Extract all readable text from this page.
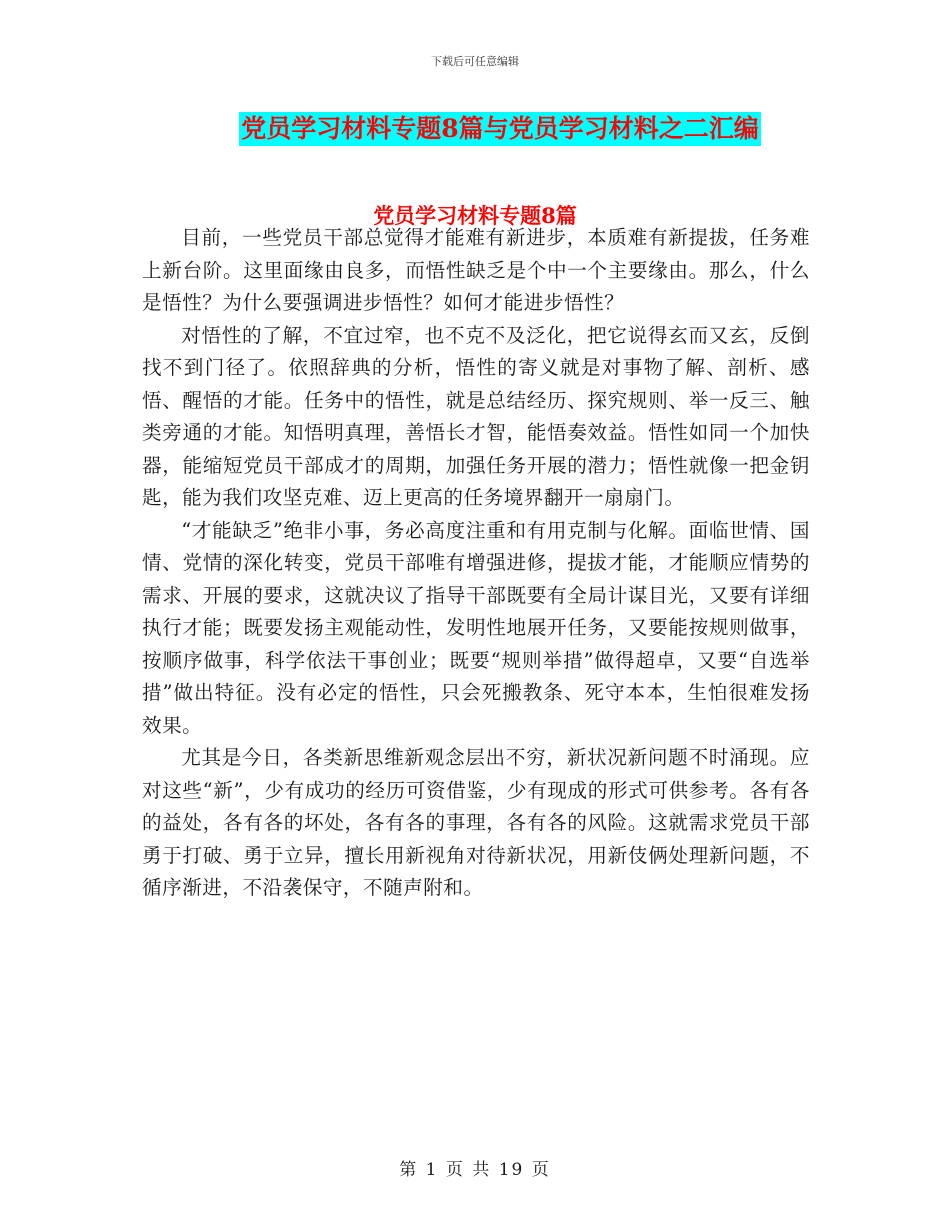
下载后可任意编辑
党员学习材料专题8篇与党员学习材料之二汇编
党员学习材料专题8篇

目前，一些党员干部总觉得才能难有新进步，本质难有新提拔，任务难上新台阶。这里面缘由良多，而悟性缺乏是个中一个主要缘由。那么，什么是悟性？为什么要强调进步悟性？如何才能进步悟性？

对悟性的了解，不宜过窄，也不克不及泛化，把它说得玄而又玄，反倒找不到门径了。依照辞典的分析，悟性的寄义就是对事物了解、剖析、感悟、醒悟的才能。任务中的悟性，就是总结经历、探究规则、举一反三、触类旁通的才能。知悟明真理，善悟长才智，能悟奏效益。悟性如同一个加快器，能缩短党员干部成才的周期，加强任务开展的潜力；悟性就像一把金钥匙，能为我们攻坚克难、迈上更高的任务境界翻开一扇扇门。

“才能缺乏”绝非小事，务必高度注重和有用克制与化解。面临世情、国情、党情的深化转变，党员干部唯有增强进修，提拔才能，才能顺应情势的需求、开展的要求，这就决议了指导干部既要有全局计谋目光，又要有详细执行才能；既要发扬主观能动性，发明性地展开任务，又要能按规则做事，按顺序做事，科学依法干事创业；既要“规则举措”做得超卓，又要“自选举措”做出特征。没有必定的悟性，只会死搬教条、死守本本，生怕很难发扬效果。

尤其是今日，各类新思维新观念层出不穷，新状况新问题不时涌现。应对这些“新”，少有成功的经历可资借鉴，少有现成的形式可供参考。各有各的益处，各有各的坏处，各有各的事理，各有各的风险。这就需求党员干部勇于打破、勇于立异，擅长用新视角对待新状况，用新伎俩处理新问题，不循序渐进，不沿袭保守，不随声附和。

第 1 页 共 19 页
